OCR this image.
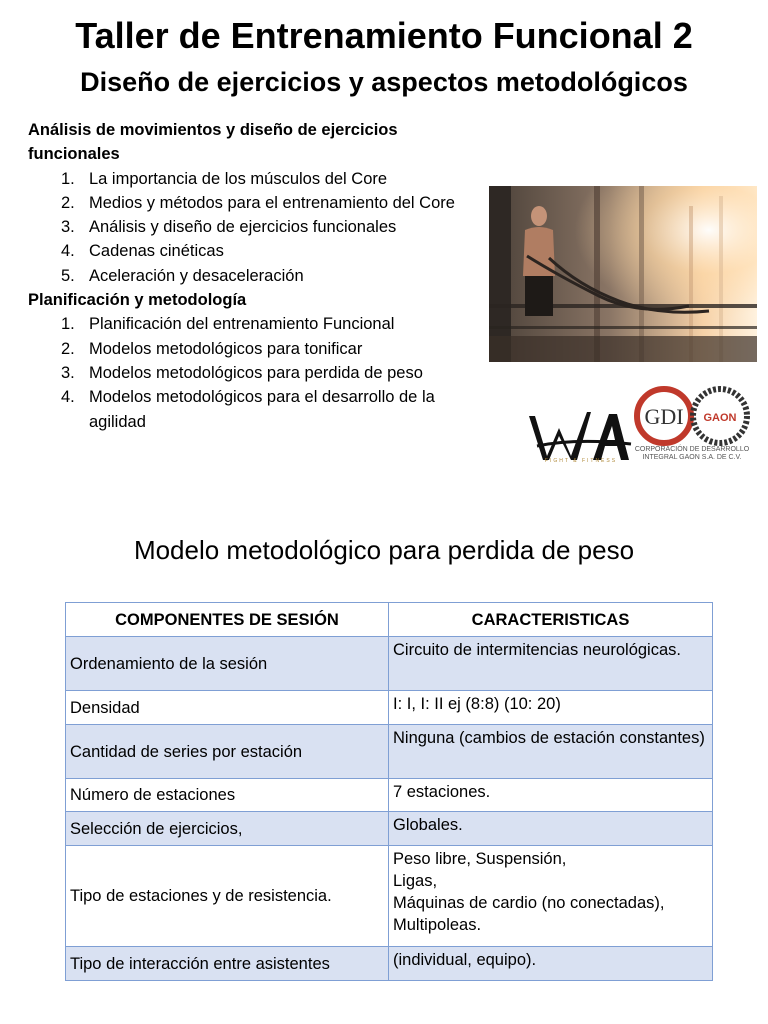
Taller de Entrenamiento Funcional 2
Diseño de ejercicios y aspectos metodológicos
Análisis de movimientos y diseño de ejercicios funcionales
1. La importancia de los músculos del Core
2. Medios y métodos para el entrenamiento del Core
3. Análisis y diseño de ejercicios funcionales
4. Cadenas cinéticas
5. Aceleración y desaceleración
Planificación y metodología
1. Planificación del entrenamiento Funcional
2. Modelos metodológicos para tonificar
3. Modelos metodológicos para perdida de peso
4. Modelos metodológicos para el desarrollo de la agilidad
FIGHT & FITNESS
GDI GAON
CORPORACIÓN DE DESARROLLO
INTEGRAL GAON S.A. DE C.V.
Modelo metodológico para perdida de peso
COMPONENTES DE SESIÓN	CARACTERISTICAS
Ordenamiento de la sesión	Circuito de intermitencias neurológicas.
Densidad	I: I, I: II ej (8:8) (10: 20)
Cantidad de series por estación	Ninguna (cambios de estación constantes)
Número de estaciones	7 estaciones.
Selección de ejercicios,	Globales.
Tipo de estaciones y de resistencia.	Peso libre, Suspensión,
Ligas,
Máquinas de cardio (no conectadas),
Multipoleas.

Tipo de interacción entre asistentes	(individual, equipo).
